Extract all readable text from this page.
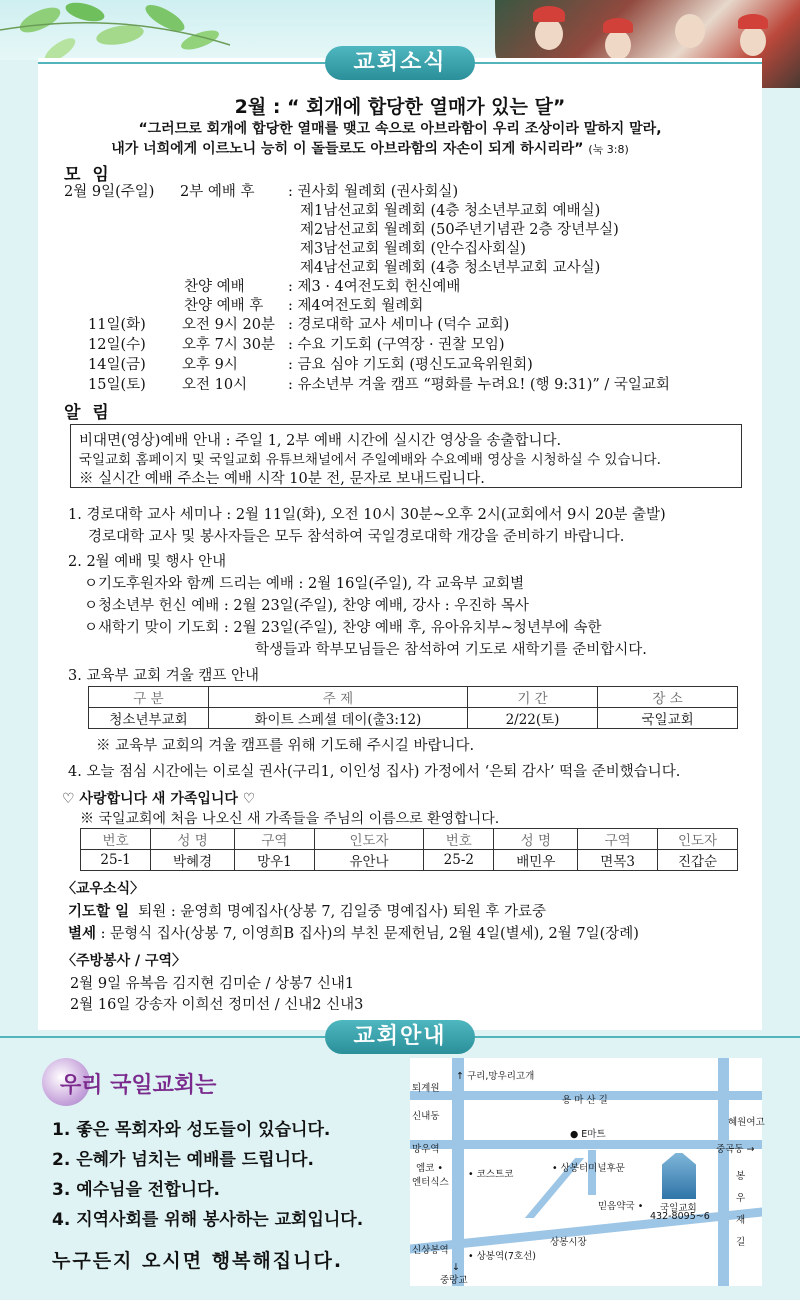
교회소식
2월 : “ 회개에 합당한 열매가 있는 달”
“그러므로 회개에 합당한 열매를 맺고 속으로 아브라함이 우리 조상이라 말하지 말라,
내가 너희에게 이르노니 능히 이 돌들로도 아브라함의 자손이 되게 하시리라” (눅 3:8)
모 임
2월 9일(주일) 2부 예배 후 : 권사회 월례회 (권사회실)
제1남선교회 월례회 (4층 청소년부교회 예배실)
제2남선교회 월례회 (50주년기념관 2층 장년부실)
제3남선교회 월례회 (안수집사회실)
제4남선교회 월례회 (4층 청소년부교회 교사실)
찬양 예배	: 제3 · 4여전도회 헌신예배
찬양 예배 후 : 제4여전도회 월례회
11일(화) 오전 9시 20분 : 경로대학 교사 세미나 (덕수 교회)
12일(수) 오후 7시 30분 : 수요 기도회 (구역장 · 권찰 모임)
14일(금) 오후 9시	: 금요 심야 기도회 (평신도교육위원회)
15일(토) 오전 10시	: 유소년부 겨울 캠프 “평화를 누려요! (행 9:31)” / 국일교회
알 림
비대면(영상)예배 안내 : 주일 1, 2부 예배 시간에 실시간 영상을 송출합니다.
국일교회 홈페이지 및 국일교회 유튜브채널에서 주일예배와 수요예배 영상을 시청하실 수 있습니다.
※ 실시간 예배 주소는 예배 시작 10분 전, 문자로 보내드립니다.
1. 경로대학 교사 세미나 : 2월 11일(화), 오전 10시 30분~오후 2시(교회에서 9시 20분 출발)
경로대학 교사 및 봉사자들은 모두 참석하여 국일경로대학 개강을 준비하기 바랍니다.
2. 2월 예배 및 행사 안내
ㅇ기도후원자와 함께 드리는 예배 : 2월 16일(주일), 각 교육부 교회별
ㅇ청소년부 헌신 예배 : 2월 23일(주일), 찬양 예배, 강사 : 우진하 목사
ㅇ새학기 맞이 기도회 : 2월 23일(주일), 찬양 예배 후, 유아유치부~청년부에 속한
학생들과 학부모님들은 참석하여 기도로 새학기를 준비합시다.
3. 교육부 교회 겨울 캠프 안내
구 분	주 제	기 간	장 소
청소년부교회	화이트 스페셜 데이(출3:12)	2/22(토)	국일교회
※ 교육부 교회의 겨울 캠프를 위해 기도해 주시길 바랍니다.
4. 오늘 점심 시간에는 이로실 권사(구리1, 이인성 집사) 가정에서 ‘은퇴 감사’ 떡을 준비했습니다.
♡ 사랑합니다 새 가족입니다 ♡
※ 국일교회에 처음 나오신 새 가족들을 주님의 이름으로 환영합니다.
번호	성 명	구역	인도자	번호	성 명	구역	인도자
25-1	박혜경	망우1	유안나	25-2	배민우	면목3	진갑순
〈교우소식〉
기도할 일 퇴원 : 윤영희 명예집사(상봉 7, 김일중 명예집사) 퇴원 후 가료중
별세 : 문형식 집사(상봉 7, 이영희B 집사)의 부친 문제헌님, 2월 4일(별세), 2월 7일(장례)
〈주방봉사 / 구역〉
2월 9일 유복음 김지현 김미순 / 상봉7 신내1
2월 16일 강송자 이희선 정미선 / 신내2 신내3
교회안내
우리 국일교회는
1. 좋은 목회자와 성도들이 있습니다.
2. 은혜가 넘치는 예배를 드립니다.
3. 예수님을 전합니다.
4. 지역사회를 위해 봉사하는 교회입니다.
누구든지 오시면 행복해집니다.
↑ 구리,망우리고개
퇴계원
용 마 산 길
신내동
혜원여고
● E마트
망우역	중곡동 →
엠코 •
엔터식스
• 코스트코
• 상봉터미널후문
국일교회
432-8095~6
믿음약국 •
봉
우
재
길
상봉시장
신상봉역
• 상봉역(7호선)
↓
중랑교
